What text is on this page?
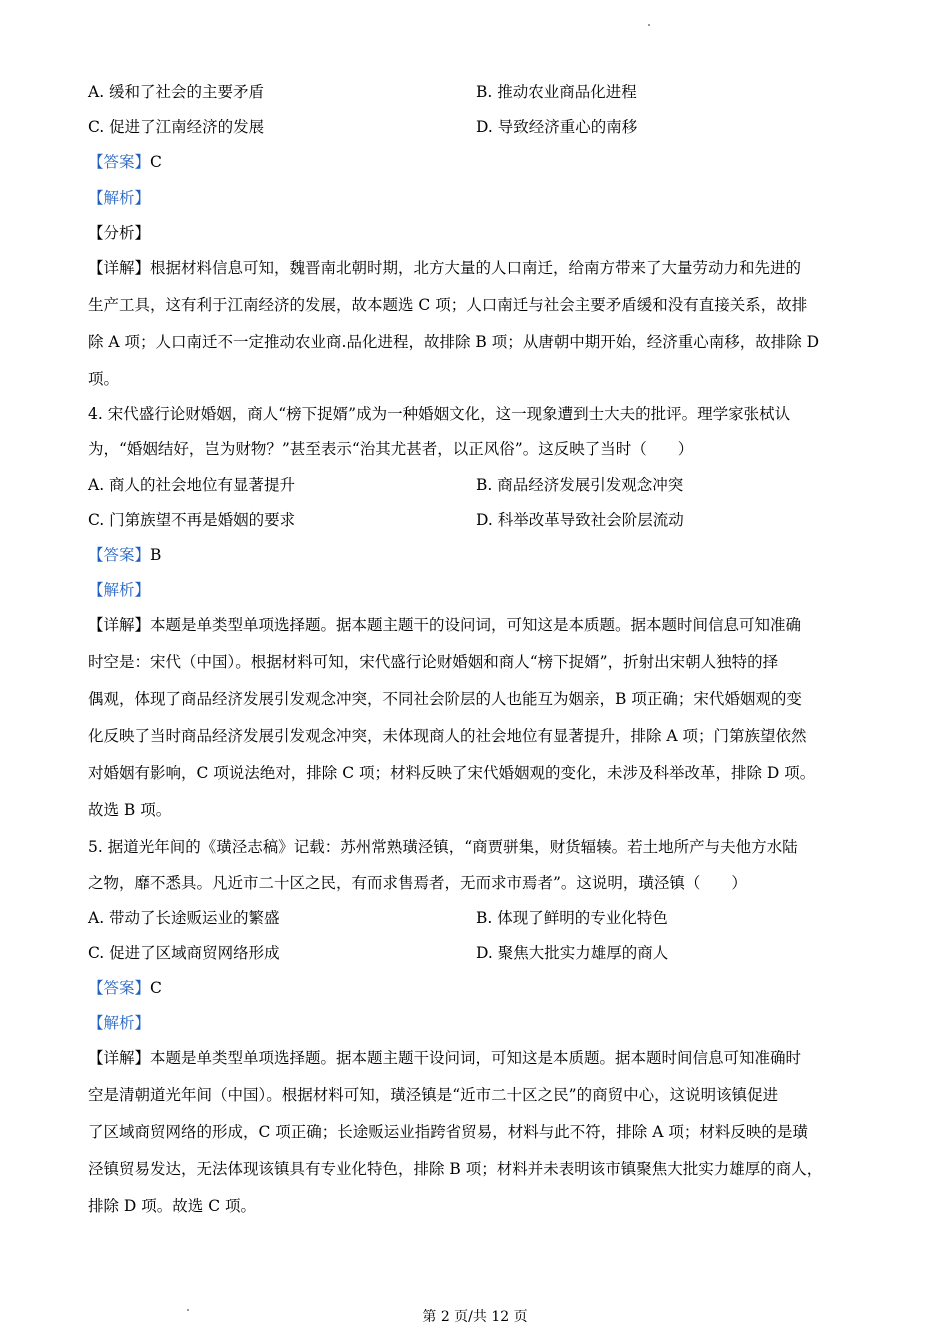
A. 缓和了社会的主要矛盾	B. 推动农业商品化进程
C. 促进了江南经济的发展	D. 导致经济重心的南移
【答案】C
【解析】
【分析】
【详解】根据材料信息可知，魏晋南北朝时期，北方大量的人口南迁，给南方带来了大量劳动力和先进的
生产工具，这有利于江南经济的发展，故本题选 C 项；人口南迁与社会主要矛盾缓和没有直接关系，故排
除 A 项；人口南迁不一定推动农业商.品化进程，故排除 B 项；从唐朝中期开始，经济重心南移，故排除 D
项。
4. 宋代盛行论财婚姻，商人“榜下捉婿”成为一种婚姻文化，这一现象遭到士大夫的批评。理学家张栻认
为，“婚姻结好，岂为财物？”甚至表示“治其尤甚者，以正风俗”。这反映了当时（　　）
A. 商人的社会地位有显著提升	B. 商品经济发展引发观念冲突
C. 门第族望不再是婚姻的要求	D. 科举改革导致社会阶层流动
【答案】B
【解析】
【详解】本题是单类型单项选择题。据本题主题干的设问词，可知这是本质题。据本题时间信息可知准确
时空是：宋代（中国）。根据材料可知，宋代盛行论财婚姻和商人“榜下捉婿”，折射出宋朝人独特的择
偶观，体现了商品经济发展引发观念冲突，不同社会阶层的人也能互为姻亲，B 项正确；宋代婚姻观的变
化反映了当时商品经济发展引发观念冲突，未体现商人的社会地位有显著提升，排除 A 项；门第族望依然
对婚姻有影响，C 项说法绝对，排除 C 项；材料反映了宋代婚姻观的变化，未涉及科举改革，排除 D 项。
故选 B 项。
5. 据道光年间的《璜泾志稿》记载：苏州常熟璜泾镇，“商贾骈集，财货辐辏。若土地所产与夫他方水陆
之物，靡不悉具。凡近市二十区之民，有而求售焉者，无而求市焉者”。这说明，璜泾镇（　　）
A. 带动了长途贩运业的繁盛	B. 体现了鲜明的专业化特色
C. 促进了区域商贸网络形成	D. 聚焦大批实力雄厚的商人
【答案】C
【解析】
【详解】本题是单类型单项选择题。据本题主题干设问词，可知这是本质题。据本题时间信息可知准确时
空是清朝道光年间（中国）。根据材料可知，璜泾镇是“近市二十区之民”的商贸中心，这说明该镇促进
了区域商贸网络的形成，C 项正确；长途贩运业指跨省贸易，材料与此不符，排除 A 项；材料反映的是璜
泾镇贸易发达，无法体现该镇具有专业化特色，排除 B 项；材料并未表明该市镇聚焦大批实力雄厚的商人，
排除 D 项。故选 C 项。
第 2 页/共 12 页
